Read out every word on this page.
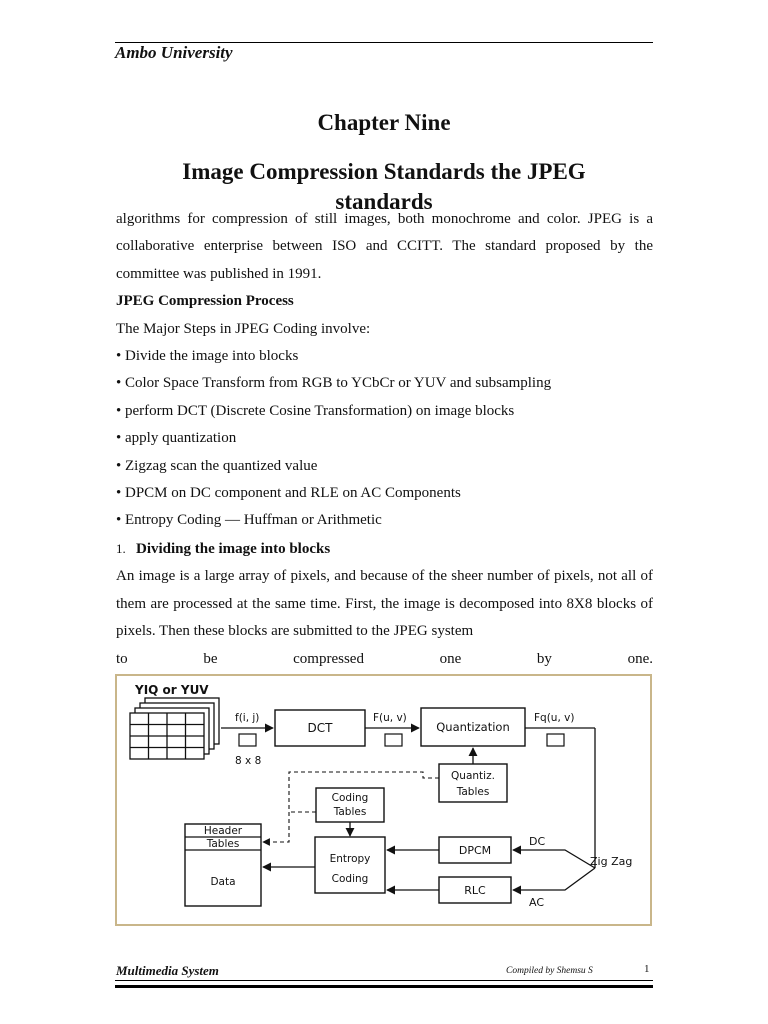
Ambo University
Chapter Nine
Image Compression Standards the JPEG standards

algorithms for compression of still images, both monochrome and color. JPEG is a collaborative enterprise between ISO and CCITT. The standard proposed by the committee was published in 1991.

JPEG Compression Process

The Major Steps in JPEG Coding involve:

• Divide the image into blocks

• Color Space Transform from RGB to YCbCr or YUV and subsampling

• perform DCT (Discrete Cosine Transformation) on image blocks

• apply quantization

• Zigzag scan the quantized value

• DPCM on DC component and RLE on AC Components

• Entropy Coding — Huffman or Arithmetic

1. Dividing the image into blocks

An image is a large array of pixels, and because of the sheer number of pixels, not all of them are processed at the same time. First, the image is decomposed into 8X8 blocks of pixels. Then these blocks are submitted to the JPEG system

to be compressed one by one.

YIQ or YUV
f(i, j)
8 x 8
DCT
F(u, v)
Quantization
Fq(u, v)
Quantiz.
Tables
Coding
Tables
Entropy
Coding
Header
Tables
Data
DPCM
RLC
DC
AC
Zig Zag
Multimedia System	Compiled by Shemsu S	1
